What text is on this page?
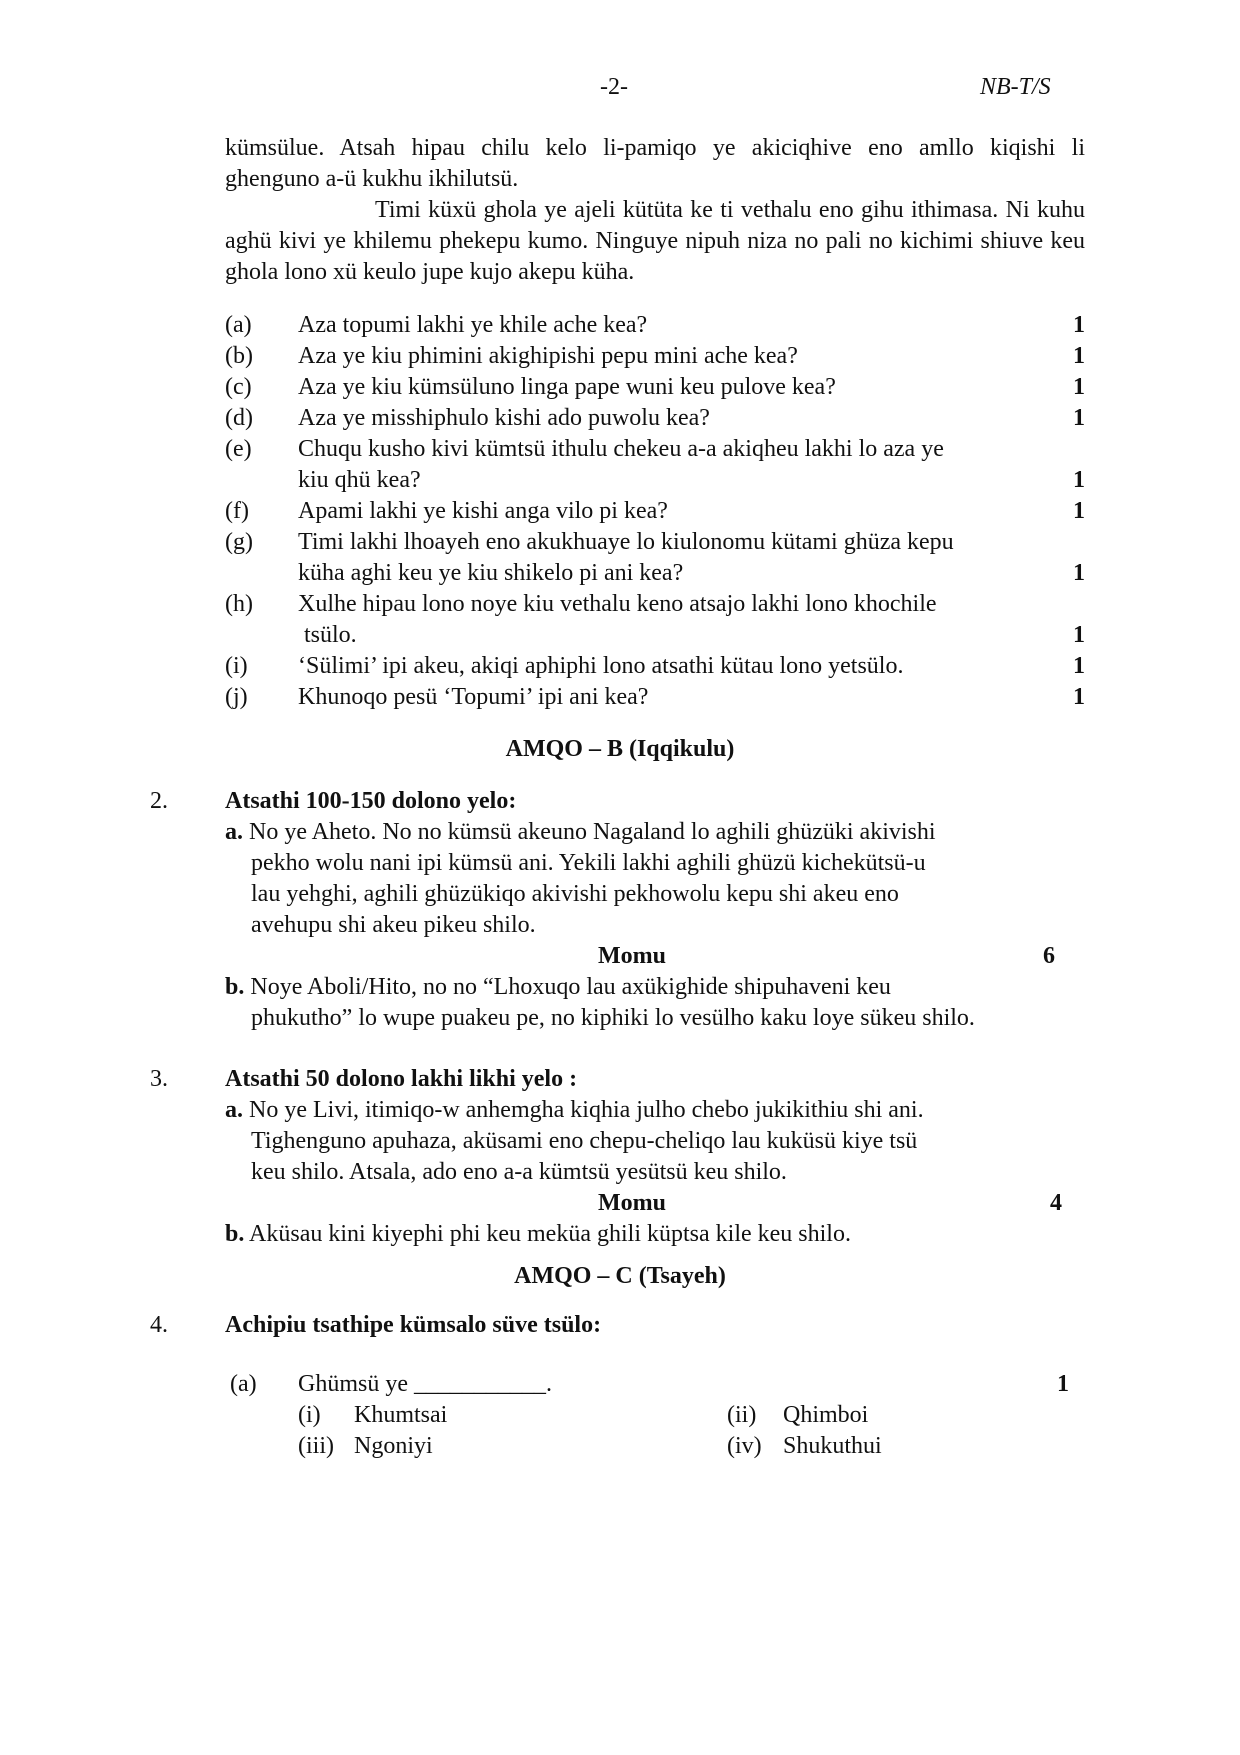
-2-	NB-T/S
kümsülue. Atsah hipau chilu kelo li-pamiqo ye akiciqhive eno amllo kiqishi li
ghenguno a-ü kukhu ikhilutsü.
Timi küxü ghola ye ajeli kütüta ke ti vethalu eno gihu ithimasa. Ni kuhu aghü kivi ye khilemu phekepu kumo. Ninguye nipuh niza no pali no kichimi shiuve keu ghola lono xü keulo jupe kujo akepu küha.
(a) Aza topumi lakhi ye khile ache kea?	1
(b) Aza ye kiu phimini akighipishi pepu mini ache kea?	1
(c) Aza ye kiu kümsüluno linga pape wuni keu pulove kea?	1
(d) Aza ye misshiphulo kishi ado puwolu kea?	1
(e) Chuqu kusho kivi kümtsü ithulu chekeu a-a akiqheu lakhi lo aza ye
kiu qhü kea?	1
(f) Apami lakhi ye kishi anga vilo pi kea?	1
(g) Timi lakhi lhoayeh eno akukhuaye lo kiulonomu kütami ghüza kepu
küha aghi keu ye kiu shikelo pi ani kea?	1
(h) Xulhe hipau lono noye kiu vethalu keno atsajo lakhi lono khochile
tsülo.	1
(i) ‘Sülimi’ ipi akeu, akiqi aphiphi lono atsathi kütau lono yetsülo.	1
(j) Khunoqo pesü ‘Topumi’ ipi ani kea?	1
AMQO – B (Iqqikulu)
2. Atsathi 100-150 dolono yelo:
a. No ye Aheto. No no kümsü akeuno Nagaland lo aghili ghüzüki akivishi
pekho wolu nani ipi kümsü ani. Yekili lakhi aghili ghüzü kichekütsü-u
lau yehghi, aghili ghüzükiqo akivishi pekhowolu kepu shi akeu eno
avehupu shi akeu pikeu shilo.
Momu	6
b. Noye Aboli/Hito, no no “Lhoxuqo lau axükighide shipuhaveni keu
phukutho” lo wupe puakeu pe, no kiphiki lo vesülho kaku loye sükeu shilo.
3. Atsathi 50 dolono lakhi likhi yelo :
a. No ye Livi, itimiqo-w anhemgha kiqhia julho chebo jukikithiu shi ani.
Tighenguno apuhaza, aküsami eno chepu-cheliqo lau kuküsü kiye tsü
keu shilo. Atsala, ado eno a-a kümtsü yesütsü keu shilo.
Momu	4
b. Aküsau kini kiyephi phi keu meküa ghili küptsa kile keu shilo.
AMQO – C (Tsayeh)
4. Achipiu tsathipe kümsalo süve tsülo:
(a) Ghümsü ye ___________.	1
(i) Khumtsai	(ii) Qhimboi
(iii) Ngoniyi	(iv) Shukuthui
